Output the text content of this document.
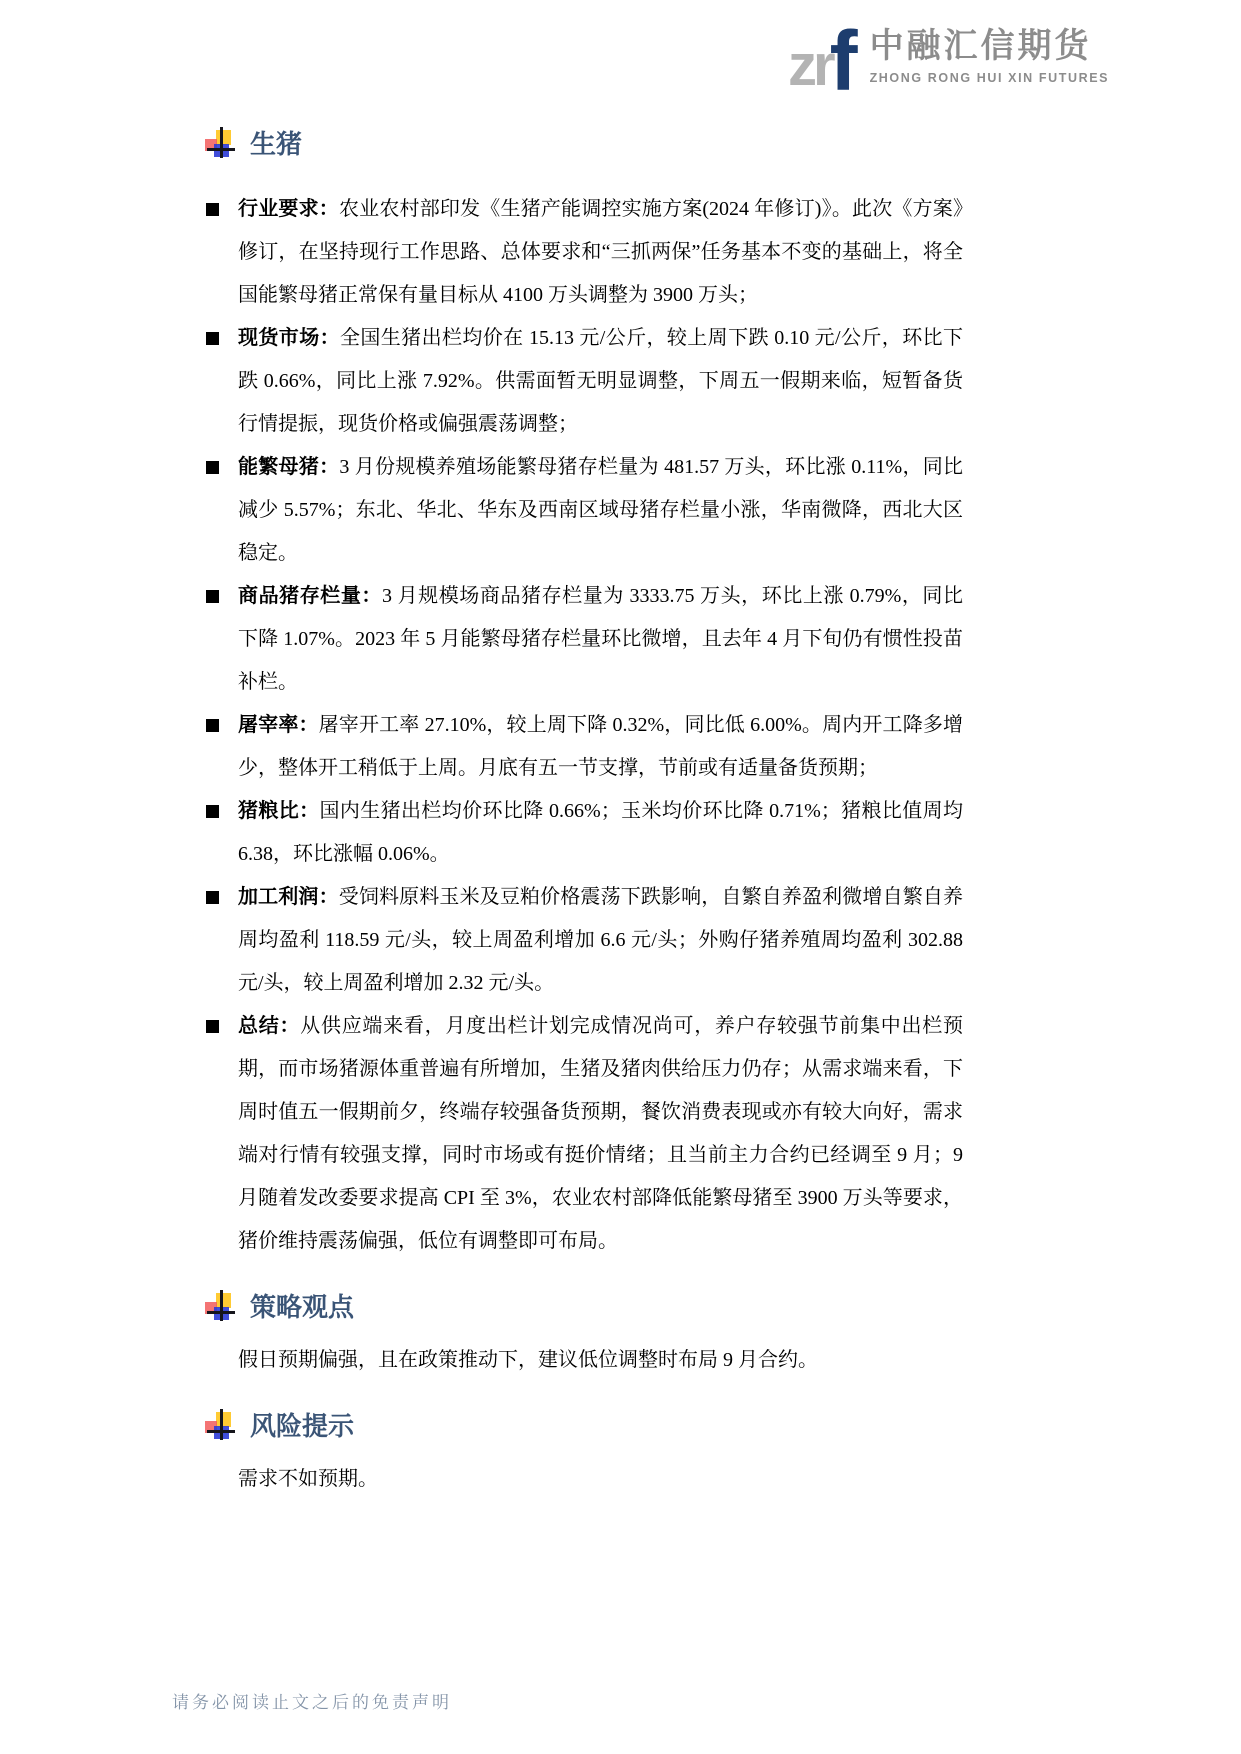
zr
f 中融汇信期货
ZHONG RONG HUI XIN FUTURES
生猪
行业要求：农业农村部印发《生猪产能调控实施方案(2024 年修订)》。此次《方案》修订，在坚持现行工作思路、总体要求和“三抓两保”任务基本不变的基础上，将全国能繁母猪正常保有量目标从 4100 万头调整为 3900 万头；
现货市场：全国生猪出栏均价在 15.13 元/公斤，较上周下跌 0.10 元/公斤，环比下跌 0.66%，同比上涨 7.92%。供需面暂无明显调整，下周五一假期来临，短暂备货行情提振，现货价格或偏强震荡调整；
能繁母猪：3 月份规模养殖场能繁母猪存栏量为 481.57 万头，环比涨 0.11%，同比减少 5.57%；东北、华北、华东及西南区域母猪存栏量小涨，华南微降，西北大区稳定。
商品猪存栏量：3 月规模场商品猪存栏量为 3333.75 万头，环比上涨 0.79%，同比下降 1.07%。2023 年 5 月能繁母猪存栏量环比微增，且去年 4 月下旬仍有惯性投苗补栏。
屠宰率：屠宰开工率 27.10%，较上周下降 0.32%，同比低 6.00%。周内开工降多增少，整体开工稍低于上周。月底有五一节支撑，节前或有适量备货预期；
猪粮比：国内生猪出栏均价环比降 0.66%；玉米均价环比降 0.71%；猪粮比值周均 6.38，环比涨幅 0.06%。
加工利润：受饲料原料玉米及豆粕价格震荡下跌影响，自繁自养盈利微增自繁自养周均盈利 118.59 元/头，较上周盈利增加 6.6 元/头；外购仔猪养殖周均盈利 302.88 元/头，较上周盈利增加 2.32 元/头。
总结：从供应端来看，月度出栏计划完成情况尚可，养户存较强节前集中出栏预期，而市场猪源体重普遍有所增加，生猪及猪肉供给压力仍存；从需求端来看，下周时值五一假期前夕，终端存较强备货预期，餐饮消费表现或亦有较大向好，需求端对行情有较强支撑，同时市场或有挺价情绪；且当前主力合约已经调至 9 月；9 月随着发改委要求提高 CPI 至 3%，农业农村部降低能繁母猪至 3900 万头等要求，猪价维持震荡偏强，低位有调整即可布局。
策略观点

假日预期偏强，且在政策推动下，建议低位调整时布局 9 月合约。

风险提示

需求不如预期。

请务必阅读止文之后的免责声明
